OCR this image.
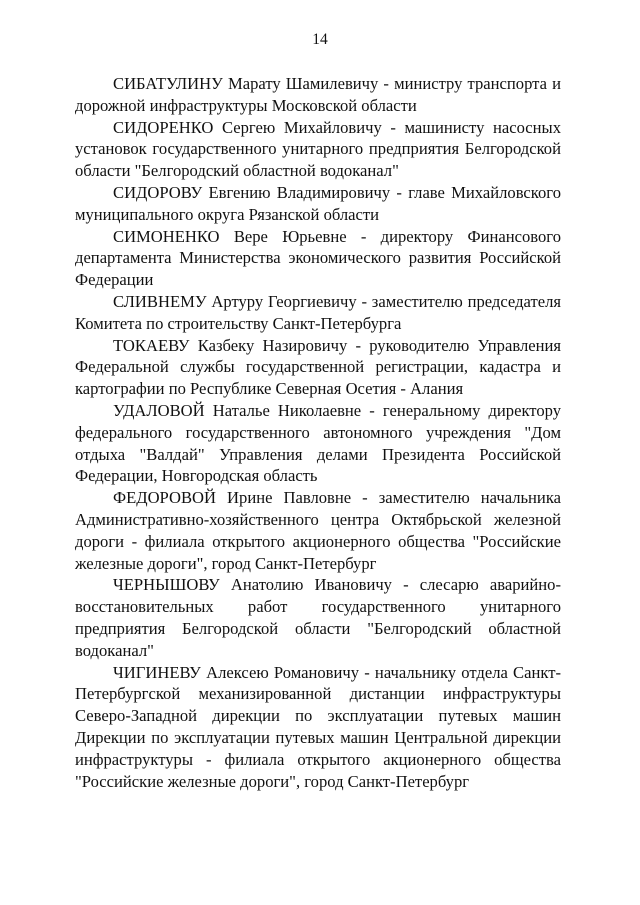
14

СИБАТУЛИНУ Марату Шамилевичу - министру транспорта и дорожной инфраструктуры Московской области

СИДОРЕНКО Сергею Михайловичу - машинисту насосных установок государственного унитарного предприятия Белгородской области "Белгородский областной водоканал"

СИДОРОВУ Евгению Владимировичу - главе Михайловского муниципального округа Рязанской области

СИМОНЕНКО Вере Юрьевне - директору Финансового департамента Министерства экономического развития Российской Федерации

СЛИВНЕМУ Артуру Георгиевичу - заместителю председателя Комитета по строительству Санкт-Петербурга

ТОКАЕВУ Казбеку Назировичу - руководителю Управления Федеральной службы государственной регистрации, кадастра и картографии по Республике Северная Осетия - Алания

УДАЛОВОЙ Наталье Николаевне - генеральному директору федерального государственного автономного учреждения "Дом отдыха "Валдай" Управления делами Президента Российской Федерации, Новгородская область

ФЕДОРОВОЙ Ирине Павловне - заместителю начальника Административно-хозяйственного центра Октябрьской железной дороги - филиала открытого акционерного общества "Российские железные дороги", город Санкт-Петербург

ЧЕРНЫШОВУ Анатолию Ивановичу - слесарю аварийно-восстановительных работ государственного унитарного предприятия Белгородской области "Белгородский областной водоканал"

ЧИГИНЕВУ Алексею Романовичу - начальнику отдела Санкт-Петербургской механизированной дистанции инфраструктуры Северо-Западной дирекции по эксплуатации путевых машин Дирекции по эксплуатации путевых машин Центральной дирекции инфраструктуры - филиала открытого акционерного общества "Российские железные дороги", город Санкт-Петербург
